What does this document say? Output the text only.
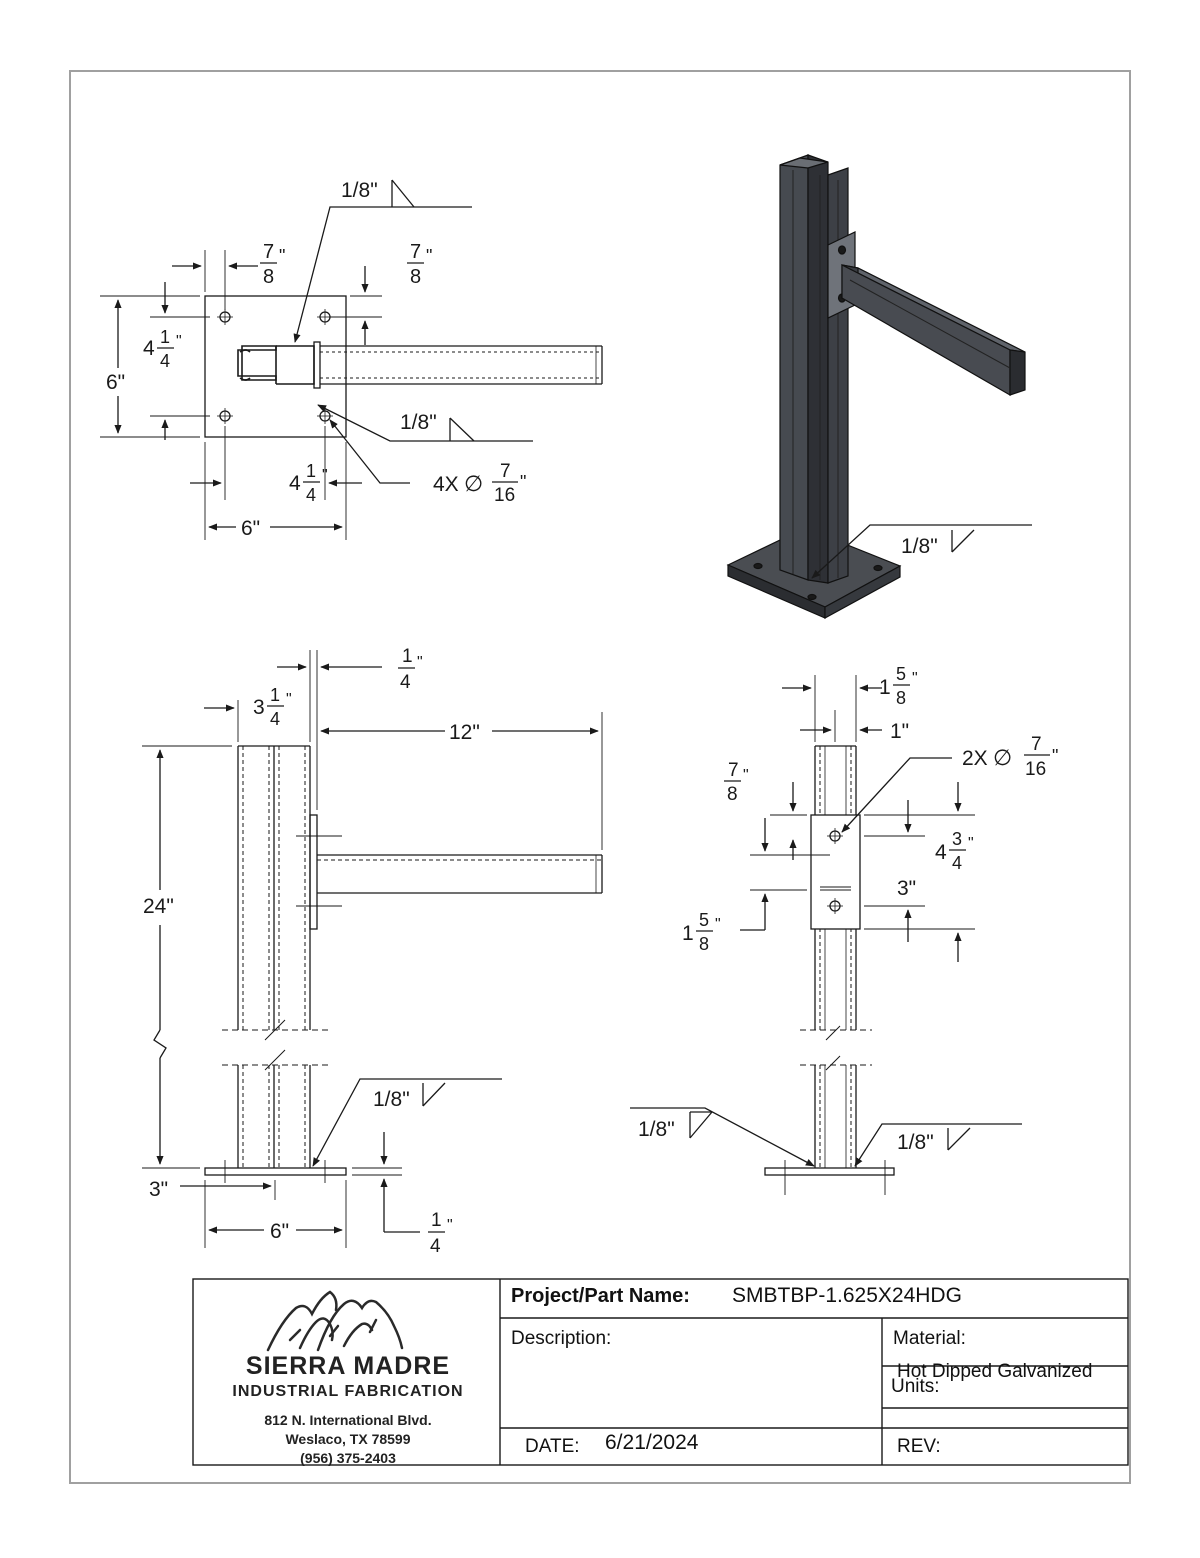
1/8"
1/8"
6"
6"
7
8
"	7
8
"
4 1
4
"
4
1
4
"	4X ∅ 7
16
"
1/8"
1
4
"
3
1
4
"
12"
24"
1/8"
3"
6"	1
4
"
1
5
8
"
1"
2X ∅
7
16
"
7
8
"
4
3
4
"
3"
1
5
8
"
1/8"
1/8"
SIERRA MADRE
INDUSTRIAL FABRICATION
812 N. International Blvd.
Weslaco, TX 78599
(956) 375-2403
Project/Part Name: SMBTBP-1.625X24HDG
Description:	Material:
Hot Dipped Galvanized
Units:
DATE: 6/21/2024	REV:
